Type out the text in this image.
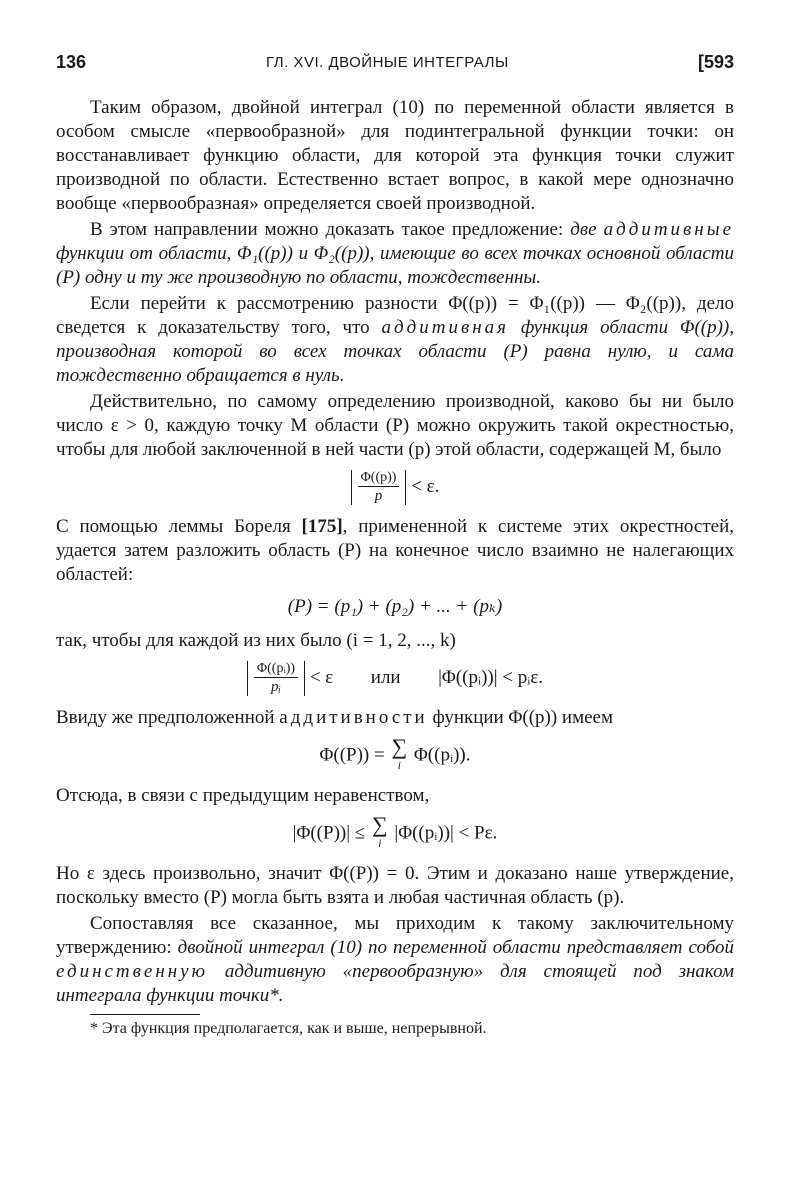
136	ГЛ. XVI. ДВОЙНЫЕ ИНТЕГРАЛЫ	[593

Таким образом, двойной интеграл (10) по переменной области является в особом смысле «первообразной» для подинтегральной функции точки: он восстанавливает функцию области, для которой эта функция точки служит производной по области. Естественно встает вопрос, в какой мере однозначно вообще «первообразная» определяется своей производной.

В этом направлении можно доказать такое предложение: две аддитивные функции от области, Φ₁((p)) и Φ₂((p)), имеющие во всех точках основной области (P) одну и ту же производную по области, тождественны.

Если перейти к рассмотрению разности Φ((p)) = Φ₁((p)) — Φ₂((p)), дело сведется к доказательству того, что аддитивная функция области Φ((p)), производная которой во всех точках области (P) равна нулю, и сама тождественно обращается в нуль.

Действительно, по самому определению производной, каково бы ни было число ε > 0, каждую точку M области (P) можно окружить такой окрестностью, чтобы для любой заключенной в ней части (p) этой области, содержащей M, было

$\frac{\Phi((p))}{p} < \varepsilon$.

С помощью леммы Бореля [175], примененной к системе этих окрестностей, удается затем разложить область (P) на конечное число взаимно не налегающих областей:

(P) = (p₁) + (p₂) + ... + (pₖ)

так, чтобы для каждой из них было (i = 1, 2, ..., k)

$\frac{\text{Φ((pᵢ))}}{\text{pᵢ}} < \varepsilon$ или |Φ((pᵢ))| < pᵢε.

Ввиду же предположенной аддитивности функции Φ((p)) имеем

Φ((P)) = ∑
i Φ((pᵢ)).

Отсюда, в связи с предыдущим неравенством,

|Φ((P))| ≤ ∑
i |Φ((pᵢ))| < Pε.

Но ε здесь произвольно, значит Φ((P)) = 0. Этим и доказано наше утверждение, поскольку вместо (P) могла быть взята и любая частичная область (p).

Сопоставляя все сказанное, мы приходим к такому заключительному утверждению: двойной интеграл (10) по переменной области представляет собой единственную аддитивную «первообразную» для стоящей под знаком интеграла функции точки*.

* Эта функция предполагается, как и выше, непрерывной.
